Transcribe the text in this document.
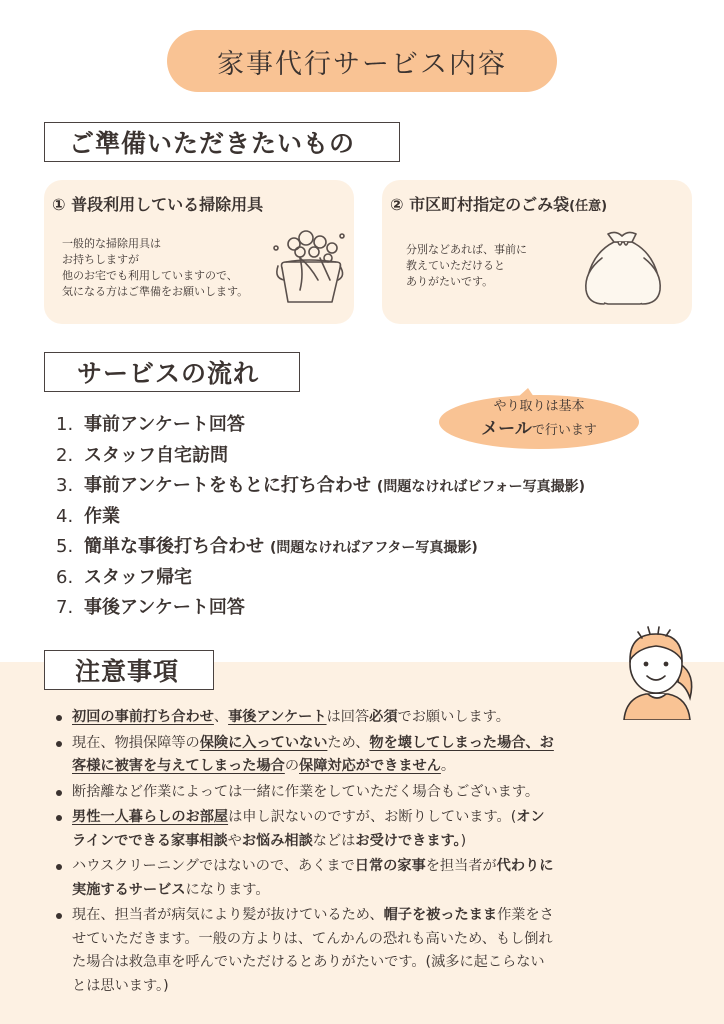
家事代行サービス内容
ご準備いただきたいもの
① 普段利用している掃除用具
一般的な掃除用具は
お持ちしますが
他のお宅でも利用していますので、
気になる方はご準備をお願いします。
② 市区町村指定のごみ袋(任意)
分別などあれば、事前に
教えていただけると
ありがたいです。
サービスの流れ
やり取りは基本
メールで行います
1. 事前アンケート回答
2. スタッフ自宅訪問
3. 事前アンケートをもとに打ち合わせ (問題なければビフォー写真撮影)
4. 作業
5. 簡単な事後打ち合わせ (問題なければアフター写真撮影)
6. スタッフ帰宅
7. 事後アンケート回答
注意事項
初回の事前打ち合わせ、事後アンケートは回答必須でお願いします。
現在、物損保障等の保険に入っていないため、物を壊してしまった場合、お
客様に被害を与えてしまった場合の保障対応ができません。
断捨離など作業によっては一緒に作業をしていただく場合もございます。
男性一人暮らしのお部屋は申し訳ないのですが、お断りしています。(オン
ラインでできる家事相談やお悩み相談などはお受けできます。)
ハウスクリーニングではないので、あくまで日常の家事を担当者が代わりに
実施するサービスになります。
現在、担当者が病気により髪が抜けているため、帽子を被ったまま作業をさ
せていただきます。一般の方よりは、てんかんの恐れも高いため、もし倒れ
た場合は救急車を呼んでいただけるとありがたいです。(滅多に起こらない
とは思います。)
